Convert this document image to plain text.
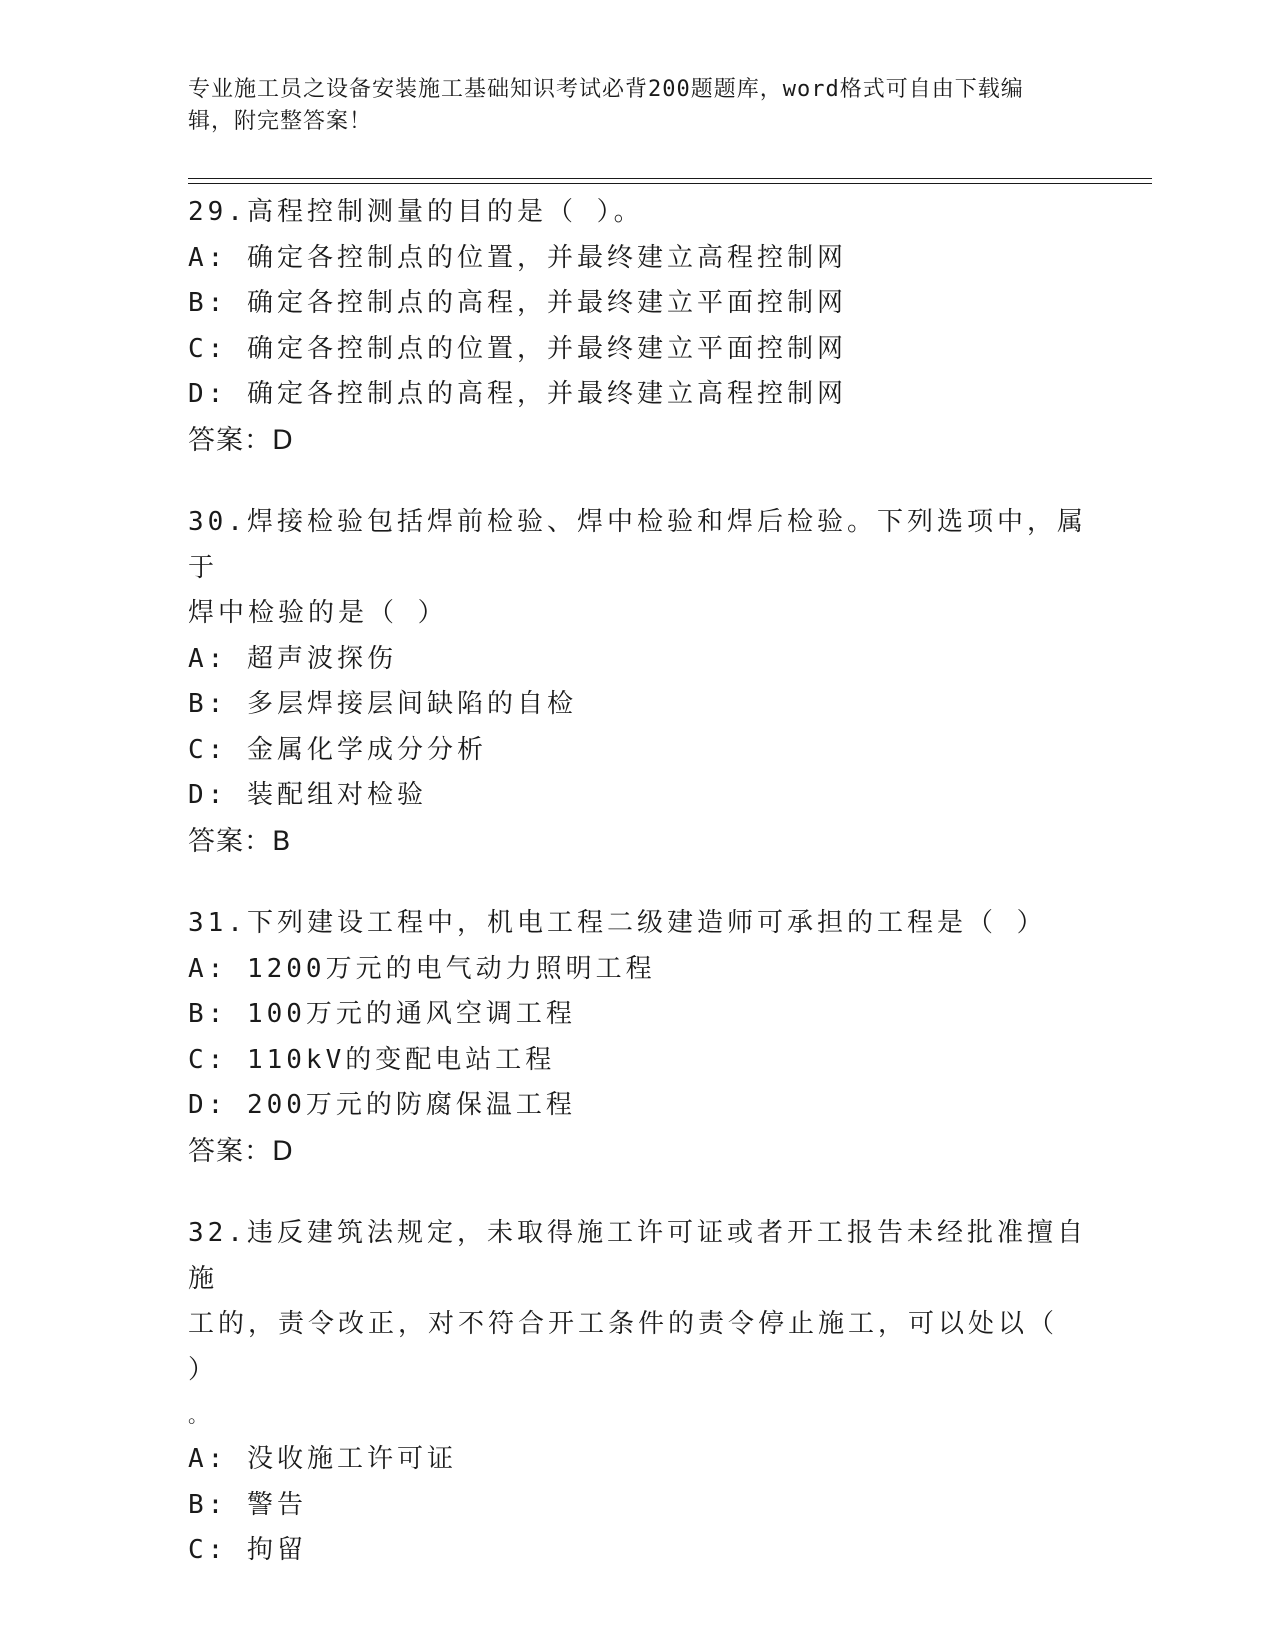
专业施工员之设备安装施工基础知识考试必背200题题库，word格式可自由下载编辑，附完整答案！
29.高程控制测量的目的是（ ）。
A: 确定各控制点的位置，并最终建立高程控制网
B: 确定各控制点的高程，并最终建立平面控制网
C: 确定各控制点的位置，并最终建立平面控制网
D: 确定各控制点的高程，并最终建立高程控制网
答案：D
30.焊接检验包括焊前检验、焊中检验和焊后检验。下列选项中，属于
焊中检验的是（ ）
A: 超声波探伤
B: 多层焊接层间缺陷的自检
C: 金属化学成分分析
D: 装配组对检验
答案：B
31.下列建设工程中，机电工程二级建造师可承担的工程是（ ）
A: 1200万元的电气动力照明工程
B: 100万元的通风空调工程
C: 110kV的变配电站工程
D: 200万元的防腐保温工程
答案：D
32.违反建筑法规定，未取得施工许可证或者开工报告未经批准擅自施
工的，责令改正，对不符合开工条件的责令停止施工，可以处以（ ）
。
A: 没收施工许可证
B: 警告
C: 拘留
